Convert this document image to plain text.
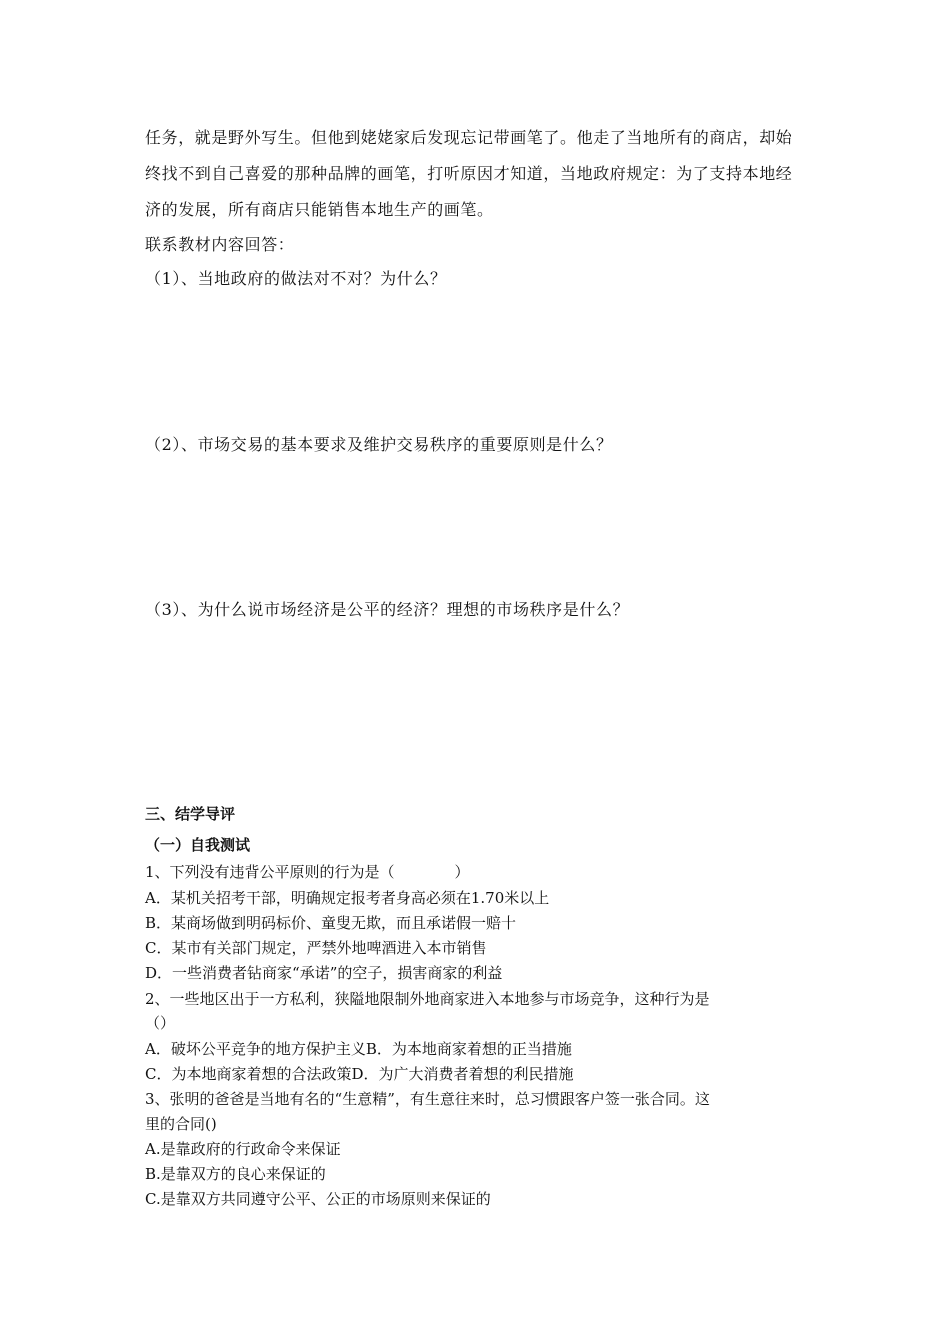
任务，就是野外写生。但他到姥姥家后发现忘记带画笔了。他走了当地所有的商店，却始
终找不到自己喜爱的那种品牌的画笔，打听原因才知道，当地政府规定：为了支持本地经
济的发展，所有商店只能销售本地生产的画笔。
联系教材内容回答：
（1）、当地政府的做法对不对？为什么？
（2）、市场交易的基本要求及维护交易秩序的重要原则是什么？
（3）、为什么说市场经济是公平的经济？理想的市场秩序是什么？
三、结学导评
（一）自我测试
1、下列没有违背公平原则的行为是（　　　　）
A．某机关招考干部，明确规定报考者身高必须在1.70米以上
B．某商场做到明码标价、童叟无欺，而且承诺假一赔十
C．某市有关部门规定，严禁外地啤酒进入本市销售
D．一些消费者钻商家“承诺”的空子，损害商家的利益
2、一些地区出于一方私利，狭隘地限制外地商家进入本地参与市场竞争，这种行为是
（）
A．破坏公平竞争的地方保护主义B．为本地商家着想的正当措施
C．为本地商家着想的合法政策D．为广大消费者着想的利民措施
3、张明的爸爸是当地有名的“生意精”，有生意往来时，总习惯跟客户签一张合同。这
里的合同()
A.是靠政府的行政命令来保证
B.是靠双方的良心来保证的
C.是靠双方共同遵守公平、公正的市场原则来保证的
